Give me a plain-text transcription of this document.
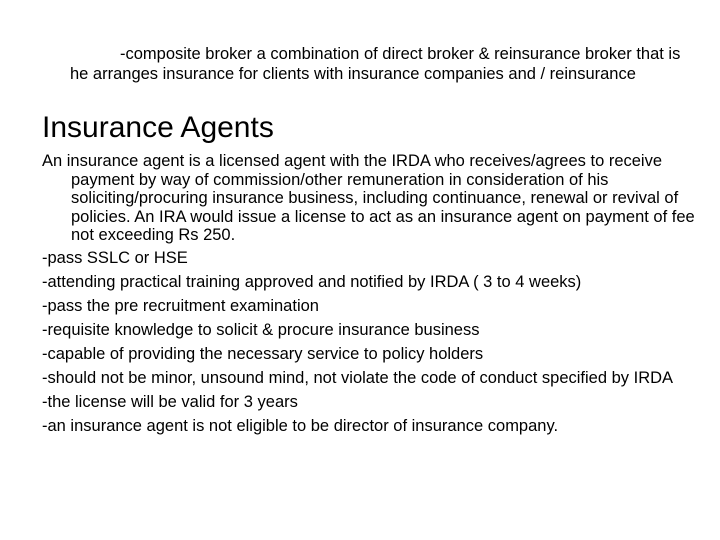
-composite broker a combination of direct broker & reinsurance broker that is he arranges insurance for clients with insurance companies and / reinsurance

Insurance Agents
An insurance agent is a licensed agent with the IRDA who receives/agrees to receive payment by way of commission/other remuneration in consideration of his soliciting/procuring insurance business, including continuance, renewal or revival of policies. An IRA would issue a license to act as an insurance agent on payment of fee not exceeding Rs 250.
-pass SSLC or HSE
-attending practical training approved and notified by IRDA ( 3 to 4 weeks)
-pass the pre recruitment examination
-requisite knowledge to solicit & procure insurance business
-capable of providing the necessary service to policy holders
-should not be minor, unsound mind, not violate the code of conduct specified by IRDA
-the license will be valid for 3 years
-an insurance agent is not eligible to be director of insurance company.
